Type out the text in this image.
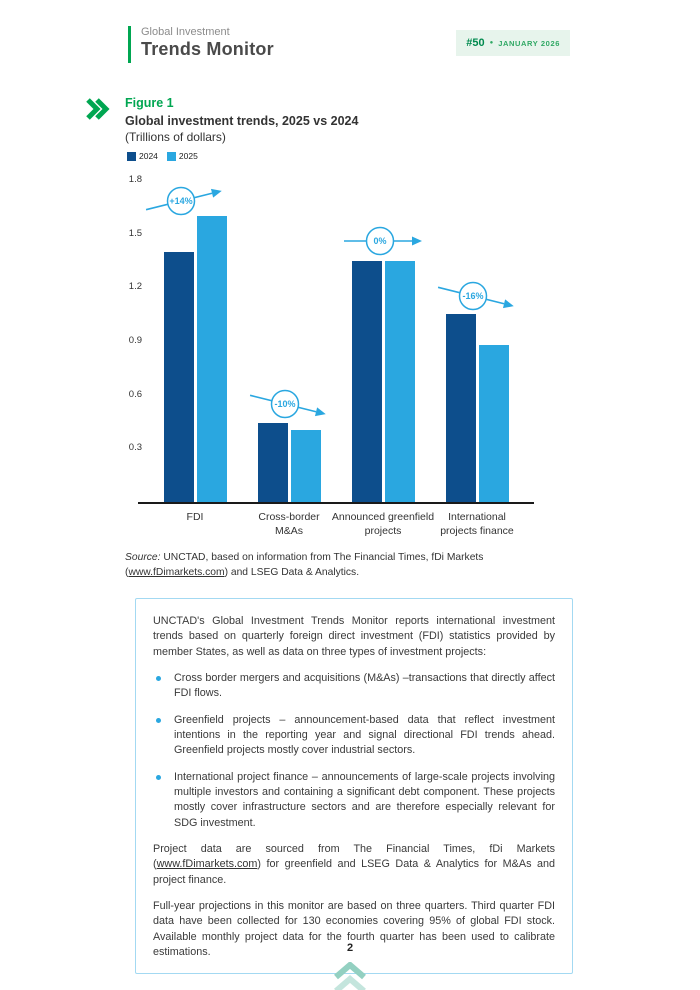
Global Investment
Trends Monitor	#50 ● JANUARY 2026
Figure 1
Global investment trends, 2025 vs 2024
(Trillions of dollars)
2024 2025
1.8
1.5
1.2
0.9
0.6
0.3
FDI	Cross-border
M&As
Announced greenfield
projects
International
projects finance
+14%
-10%
0%
-16%

Source: UNCTAD, based on information from The Financial Times, fDi Markets (www.fDimarkets.com) and LSEG Data & Analytics.

UNCTAD's Global Investment Trends Monitor reports international investment trends based on quarterly foreign direct investment (FDI) statistics provided by member States, as well as data on three types of investment projects:

Cross border mergers and acquisitions (M&As) –transactions that directly affect FDI flows.
Greenfield projects – announcement-based data that reflect investment intentions in the reporting year and signal directional FDI trends ahead. Greenfield projects mostly cover industrial sectors.
International project finance – announcements of large-scale projects involving multiple investors and containing a significant debt component. These projects mostly cover infrastructure sectors and are therefore especially relevant for SDG investment.

Project data are sourced from The Financial Times, fDi Markets (www.fDimarkets.com) for greenfield and LSEG Data & Analytics for M&As and project finance.

Full-year projections in this monitor are based on three quarters. Third quarter FDI data have been collected for 130 economies covering 95% of global FDI stock. Available monthly project data for the fourth quarter has been used to calibrate estimations.	2
